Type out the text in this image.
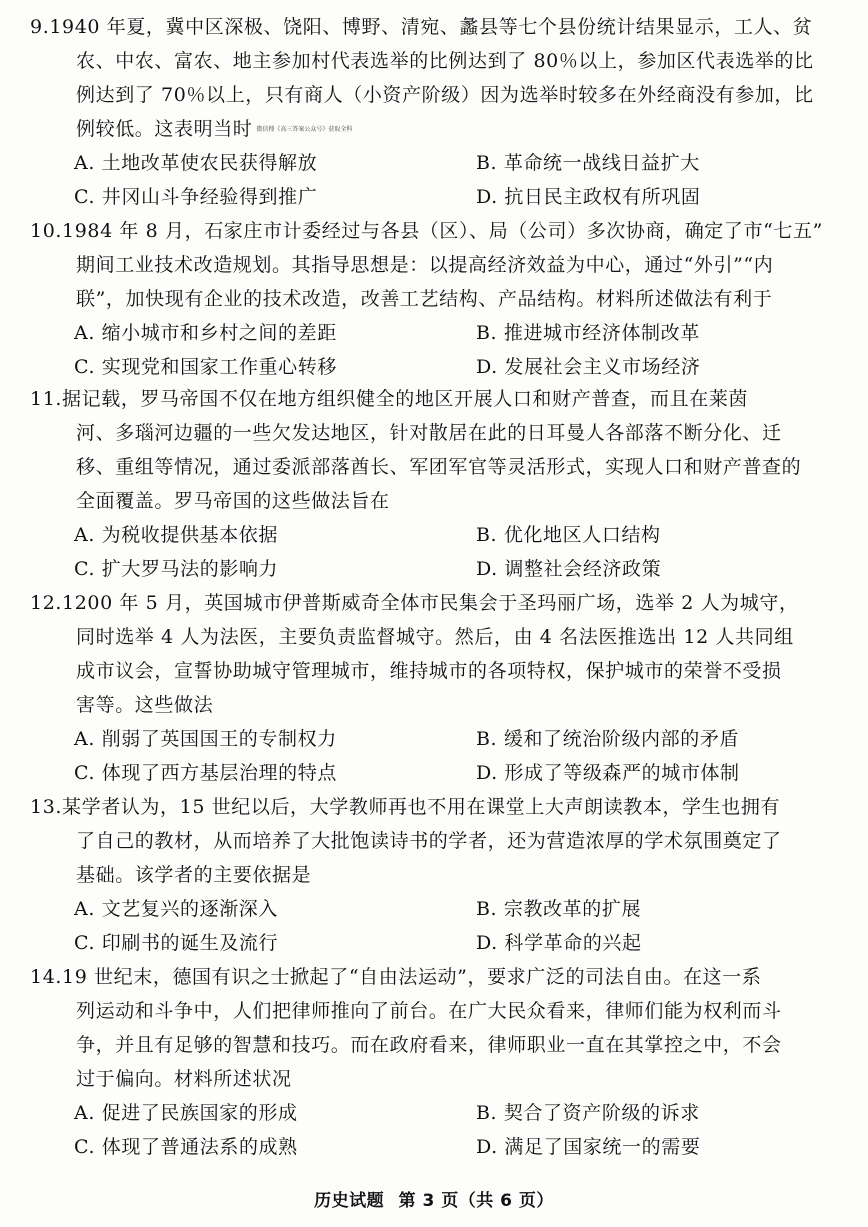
9.1940 年夏，冀中区深极、饶阳、博野、清宛、蠡县等七个县份统计结果显示，工人、贫
农、中农、富农、地主参加村代表选举的比例达到了 80％以上，参加区代表选举的比
例达到了 70％以上，只有商人（小资产阶级）因为选举时较多在外经商没有参加，比
例较低。这表明当时 微信搜《高三答案公众号》获取全科
A. 土地改革使农民获得解放	B. 革命统一战线日益扩大
C. 井冈山斗争经验得到推广	D. 抗日民主政权有所巩固
10.1984 年 8 月，石家庄市计委经过与各县（区）、局（公司）多次协商，确定了市“七五”
期间工业技术改造规划。其指导思想是：以提高经济效益为中心，通过“外引”“内
联”，加快现有企业的技术改造，改善工艺结构、产品结构。材料所述做法有利于
A. 缩小城市和乡村之间的差距	B. 推进城市经济体制改革
C. 实现党和国家工作重心转移	D. 发展社会主义市场经济
11.据记载，罗马帝国不仅在地方组织健全的地区开展人口和财产普查，而且在莱茵
河、多瑙河边疆的一些欠发达地区，针对散居在此的日耳曼人各部落不断分化、迁
移、重组等情况，通过委派部落酋长、军团军官等灵活形式，实现人口和财产普查的
全面覆盖。罗马帝国的这些做法旨在
A. 为税收提供基本依据	B. 优化地区人口结构
C. 扩大罗马法的影响力	D. 调整社会经济政策
12.1200 年 5 月，英国城市伊普斯威奇全体市民集会于圣玛丽广场，选举 2 人为城守，
同时选举 4 人为法医，主要负责监督城守。然后，由 4 名法医推选出 12 人共同组
成市议会，宣誓协助城守管理城市，维持城市的各项特权，保护城市的荣誉不受损
害等。这些做法
A. 削弱了英国国王的专制权力	B. 缓和了统治阶级内部的矛盾
C. 体现了西方基层治理的特点	D. 形成了等级森严的城市体制
13.某学者认为，15 世纪以后，大学教师再也不用在课堂上大声朗读教本，学生也拥有
了自己的教材，从而培养了大批饱读诗书的学者，还为营造浓厚的学术氛围奠定了
基础。该学者的主要依据是
A. 文艺复兴的逐渐深入	B. 宗教改革的扩展
C. 印刷书的诞生及流行	D. 科学革命的兴起
14.19 世纪末，德国有识之士掀起了“自由法运动”，要求广泛的司法自由。在这一系
列运动和斗争中，人们把律师推向了前台。在广大民众看来，律师们能为权利而斗
争，并且有足够的智慧和技巧。而在政府看来，律师职业一直在其掌控之中，不会
过于偏向。材料所述状况
A. 促进了民族国家的形成	B. 契合了资产阶级的诉求
C. 体现了普通法系的成熟	D. 满足了国家统一的需要
历史试题 第 3 页（共 6 页）
